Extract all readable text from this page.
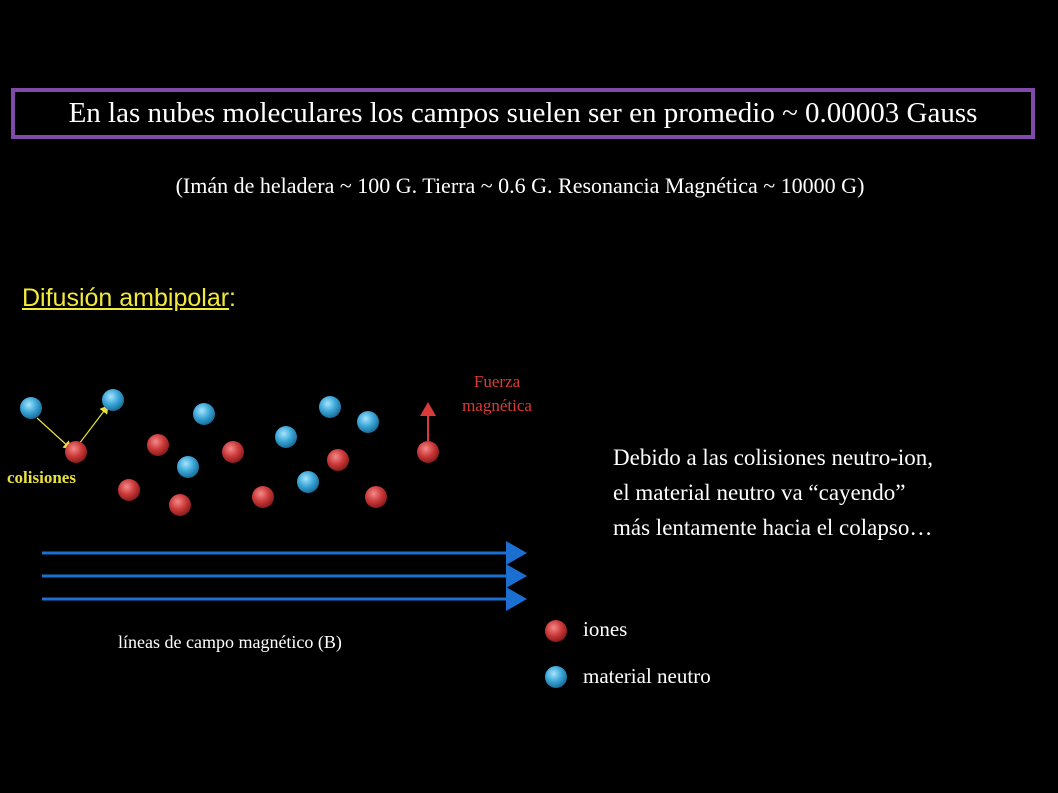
En las nubes moleculares los campos suelen ser en promedio ~ 0.00003 Gauss
(Imán de heladera ~ 100 G. Tierra ~ 0.6 G. Resonancia Magnética ~ 10000 G)
Difusión ambipolar:
Fuerza
magnética
colisiones
líneas de campo magnético (B)
Debido a las colisiones neutro-ion,
el material neutro va “cayendo”
más lentamente hacia el colapso…
iones
material neutro
